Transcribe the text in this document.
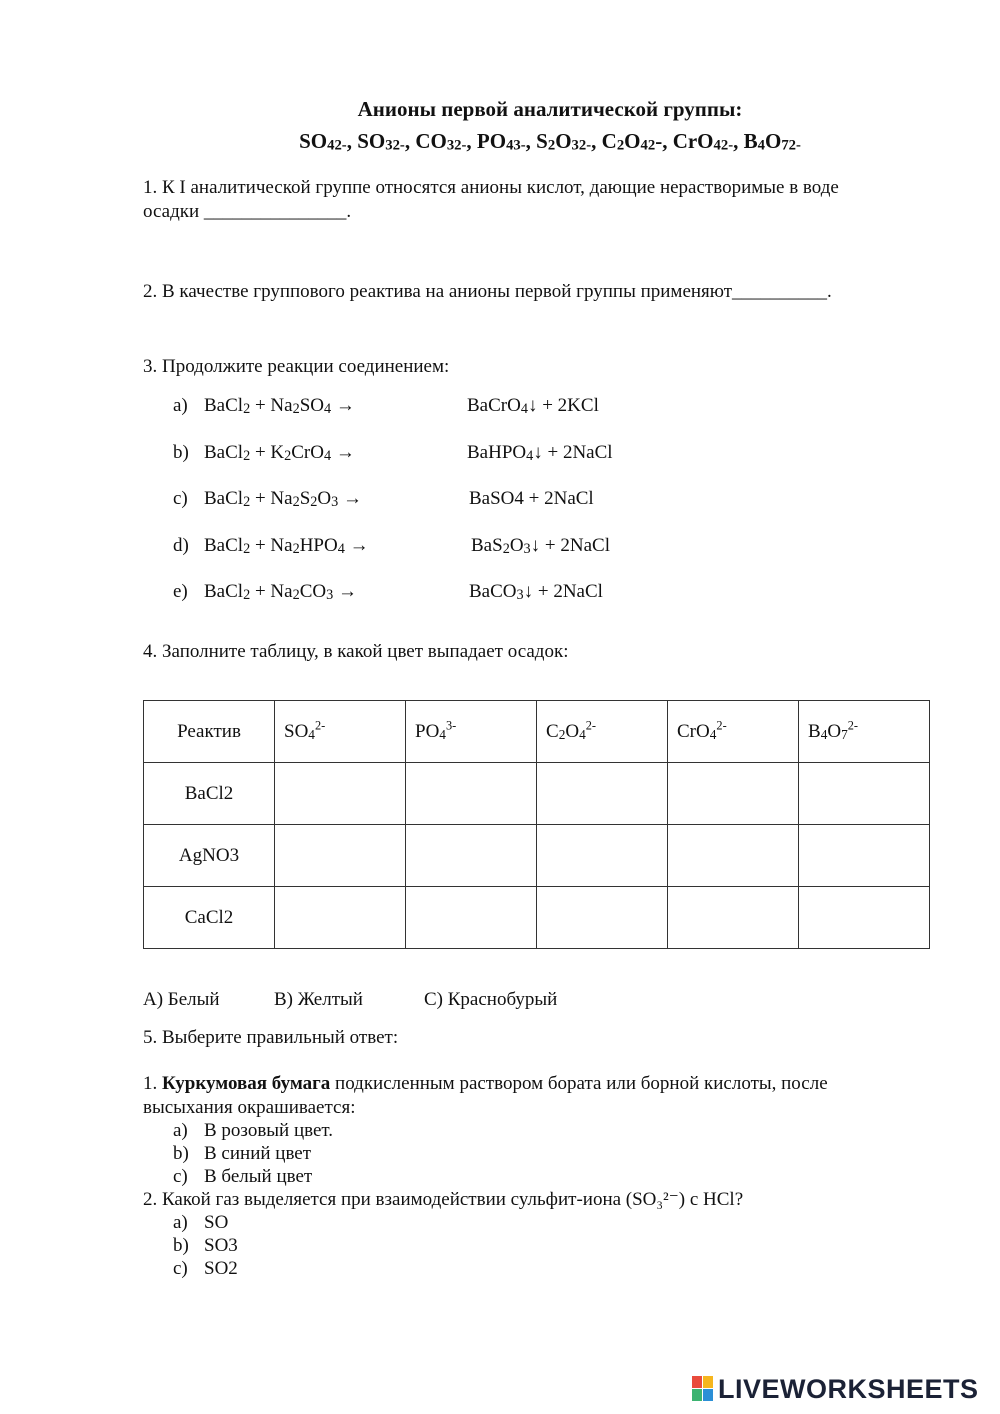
Анионы первой аналитической группы:
$SO_{42-}$, $SO_{32-}$, $CO_{32-}$, $PO_{43-}$, $S_2O_{32-}$, $C_2O_{42}-$, CrO$_{42-}$, $B_4O_{72-}$
1. К I аналитической группе относятся анионы кислот, дающие нерастворимые в воде
осадки _______________.
2. В качестве группового реактива на анионы первой группы применяют__________.
3. Продолжите реакции соединением:
a) BaCl$_2$ + $Na_2SO_4$ →	BaCrO$_4$↓ + 2KCl
b) BaCl$_2$ + $K_2CrO_4$ →	BaHPO$_4$↓ + 2NaCl
c) BaCl$_2$ + $Na_2S_2O_3$ →	BaSO4 + 2NaCl
d) BaCl$_2$ + $Na_2HPO_4$ →	$BaS_2O_3↓$ + 2NaCl
e) BaCl$_2$ + $Na_2CO_3$ →	BaCO$_3$↓ + 2NaCl
4. Заполните таблицу, в какой цвет выпадает осадок:
Реактив	$SO_4^{2-}$	$PO_4^{3-}$	$C_2O_4^{2-}$	CrO$_4^{2-}$	$B_4O_7^{2-}$
BaCl2					
AgNO3					
CaCl2					
А) Белый	В) Желтый	С) Краснобурый
5. Выберите правильный ответ:
1. Куркумовая бумага подкисленным раствором бората или борной кислоты, после
высыхания окрашивается:
a) В розовый цвет.
b) В синий цвет
c) В белый цвет
2. Какой газ выделяется при взаимодействии сульфит-иона (SO₃²⁻) с HCl?
a) SO
b) SO3
c) SO2
LIVEWORKSHEETS
